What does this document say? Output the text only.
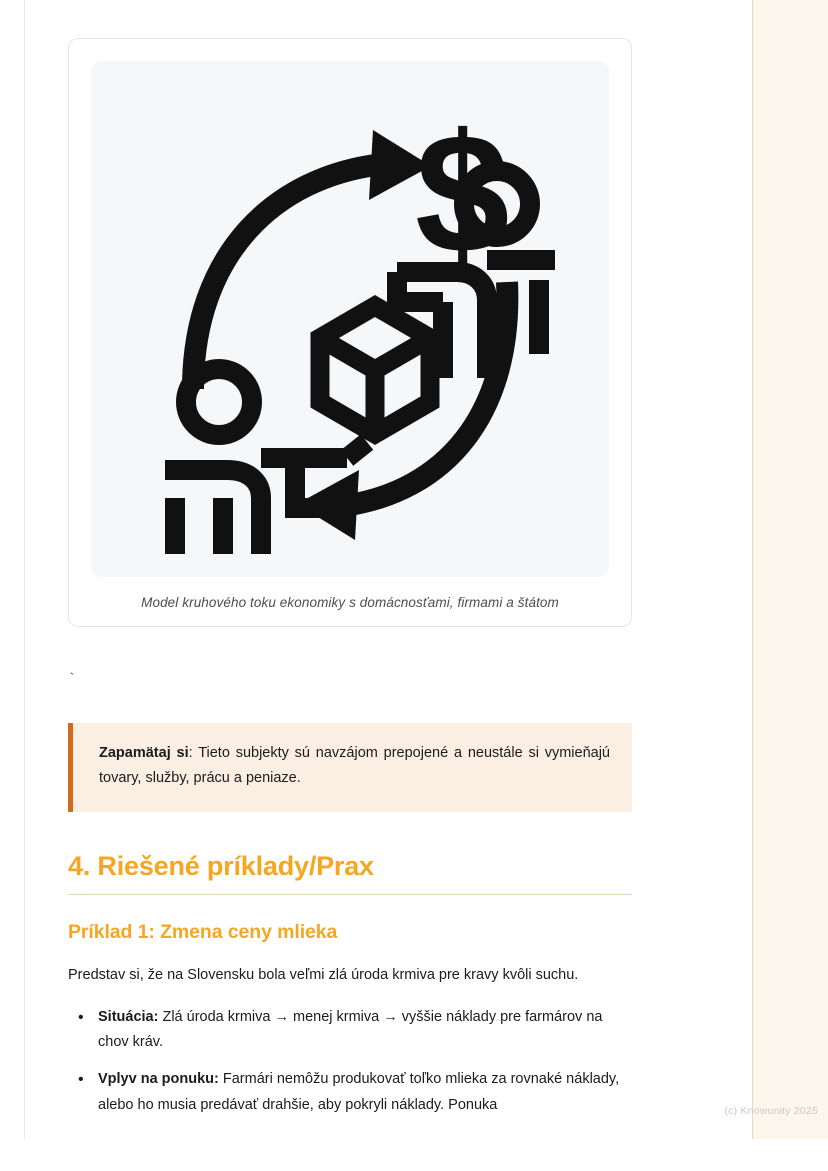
$
Model kruhového toku ekonomiky s domácnosťami, firmami a štátom
`

Zapamätaj si: Tieto subjekty sú navzájom prepojené a neustále si vymieňajú tovary, služby, prácu a peniaze.

4. Riešené príklady/Prax
Príklad 1: Zmena ceny mlieka

Predstav si, že na Slovensku bola veľmi zlá úroda krmiva pre kravy kvôli suchu.

• Situácia: Zlá úroda krmiva → menej krmiva → vyššie náklady pre farmárov na chov kráv.
• Vplyv na ponuku: Farmári nemôžu produkovať toľko mlieka za rovnaké náklady, alebo ho musia predávať drahšie, aby pokryli náklady. Ponuka	(c) Knowunity 2025
